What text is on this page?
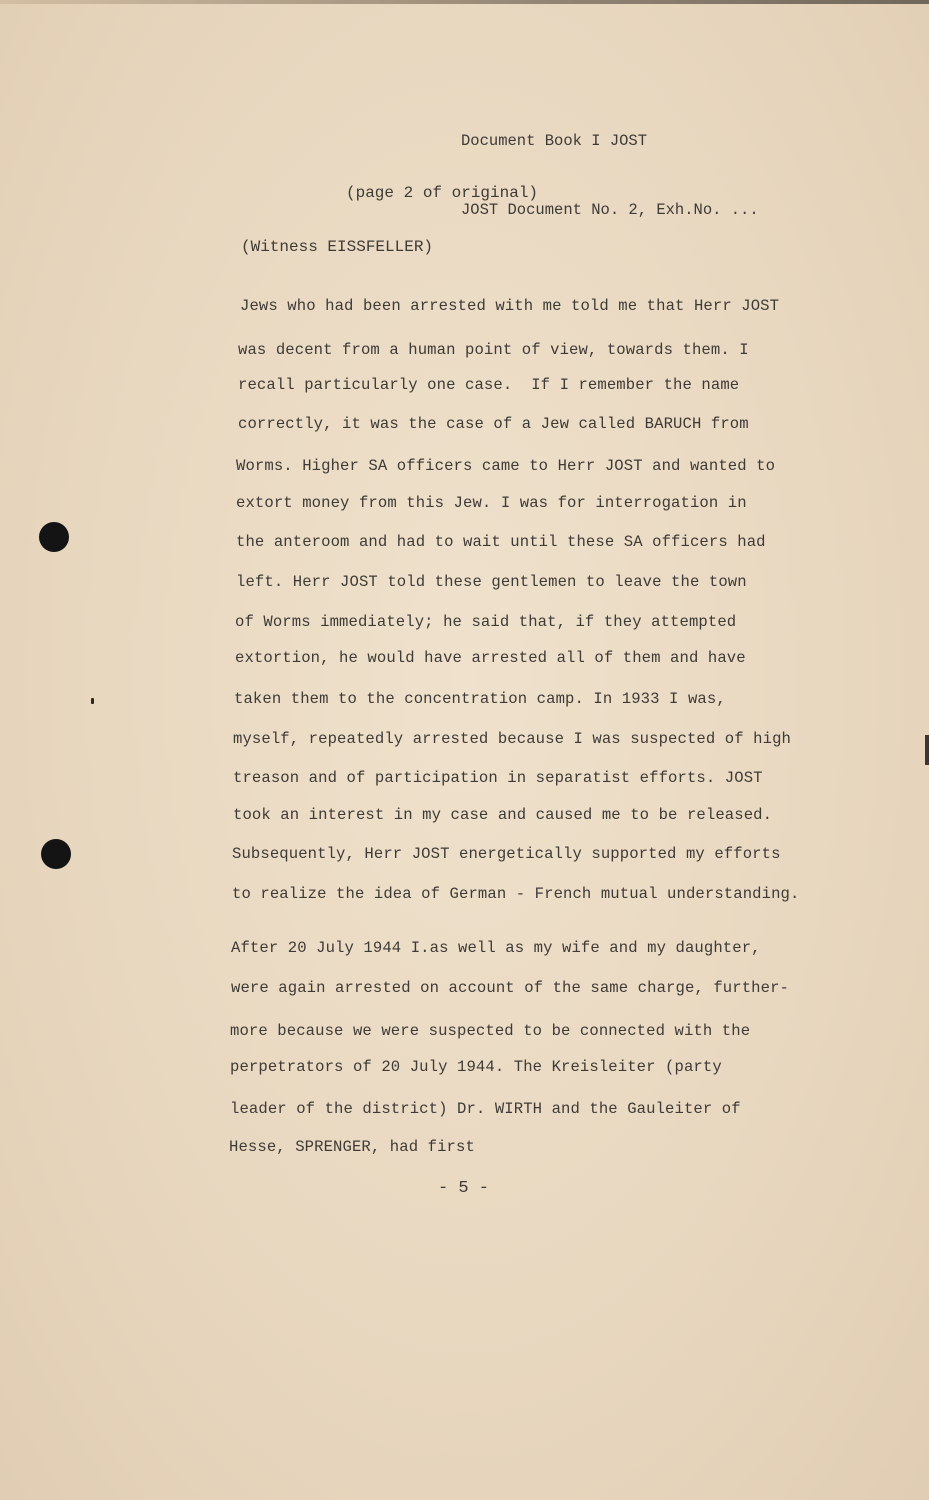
Document Book I JOST

JOST Document No. 2, Exh.No. ...

(page 2 of original)
(Witness EISSFELLER)
Jews who had been arrested with me told me that Herr JOST
was decent from a human point of view, towards them. I
recall particularly one case.  If I remember the name
correctly, it was the case of a Jew called BARUCH from
Worms. Higher SA officers came to Herr JOST and wanted to
extort money from this Jew. I was for interrogation in
the anteroom and had to wait until these SA officers had
left. Herr JOST told these gentlemen to leave the town
of Worms immediately; he said that, if they attempted
extortion, he would have arrested all of them and have
taken them to the concentration camp. In 1933 I was,
myself, repeatedly arrested because I was suspected of high
treason and of participation in separatist efforts. JOST
took an interest in my case and caused me to be released.
Subsequently, Herr JOST energetically supported my efforts
to realize the idea of German - French mutual understanding.
After 20 July 1944 I.as well as my wife and my daughter,
were again arrested on account of the same charge, further-
more because we were suspected to be connected with the
perpetrators of 20 July 1944. The Kreisleiter (party
leader of the district) Dr. WIRTH and the Gauleiter of
Hesse, SPRENGER, had first
- 5 -
